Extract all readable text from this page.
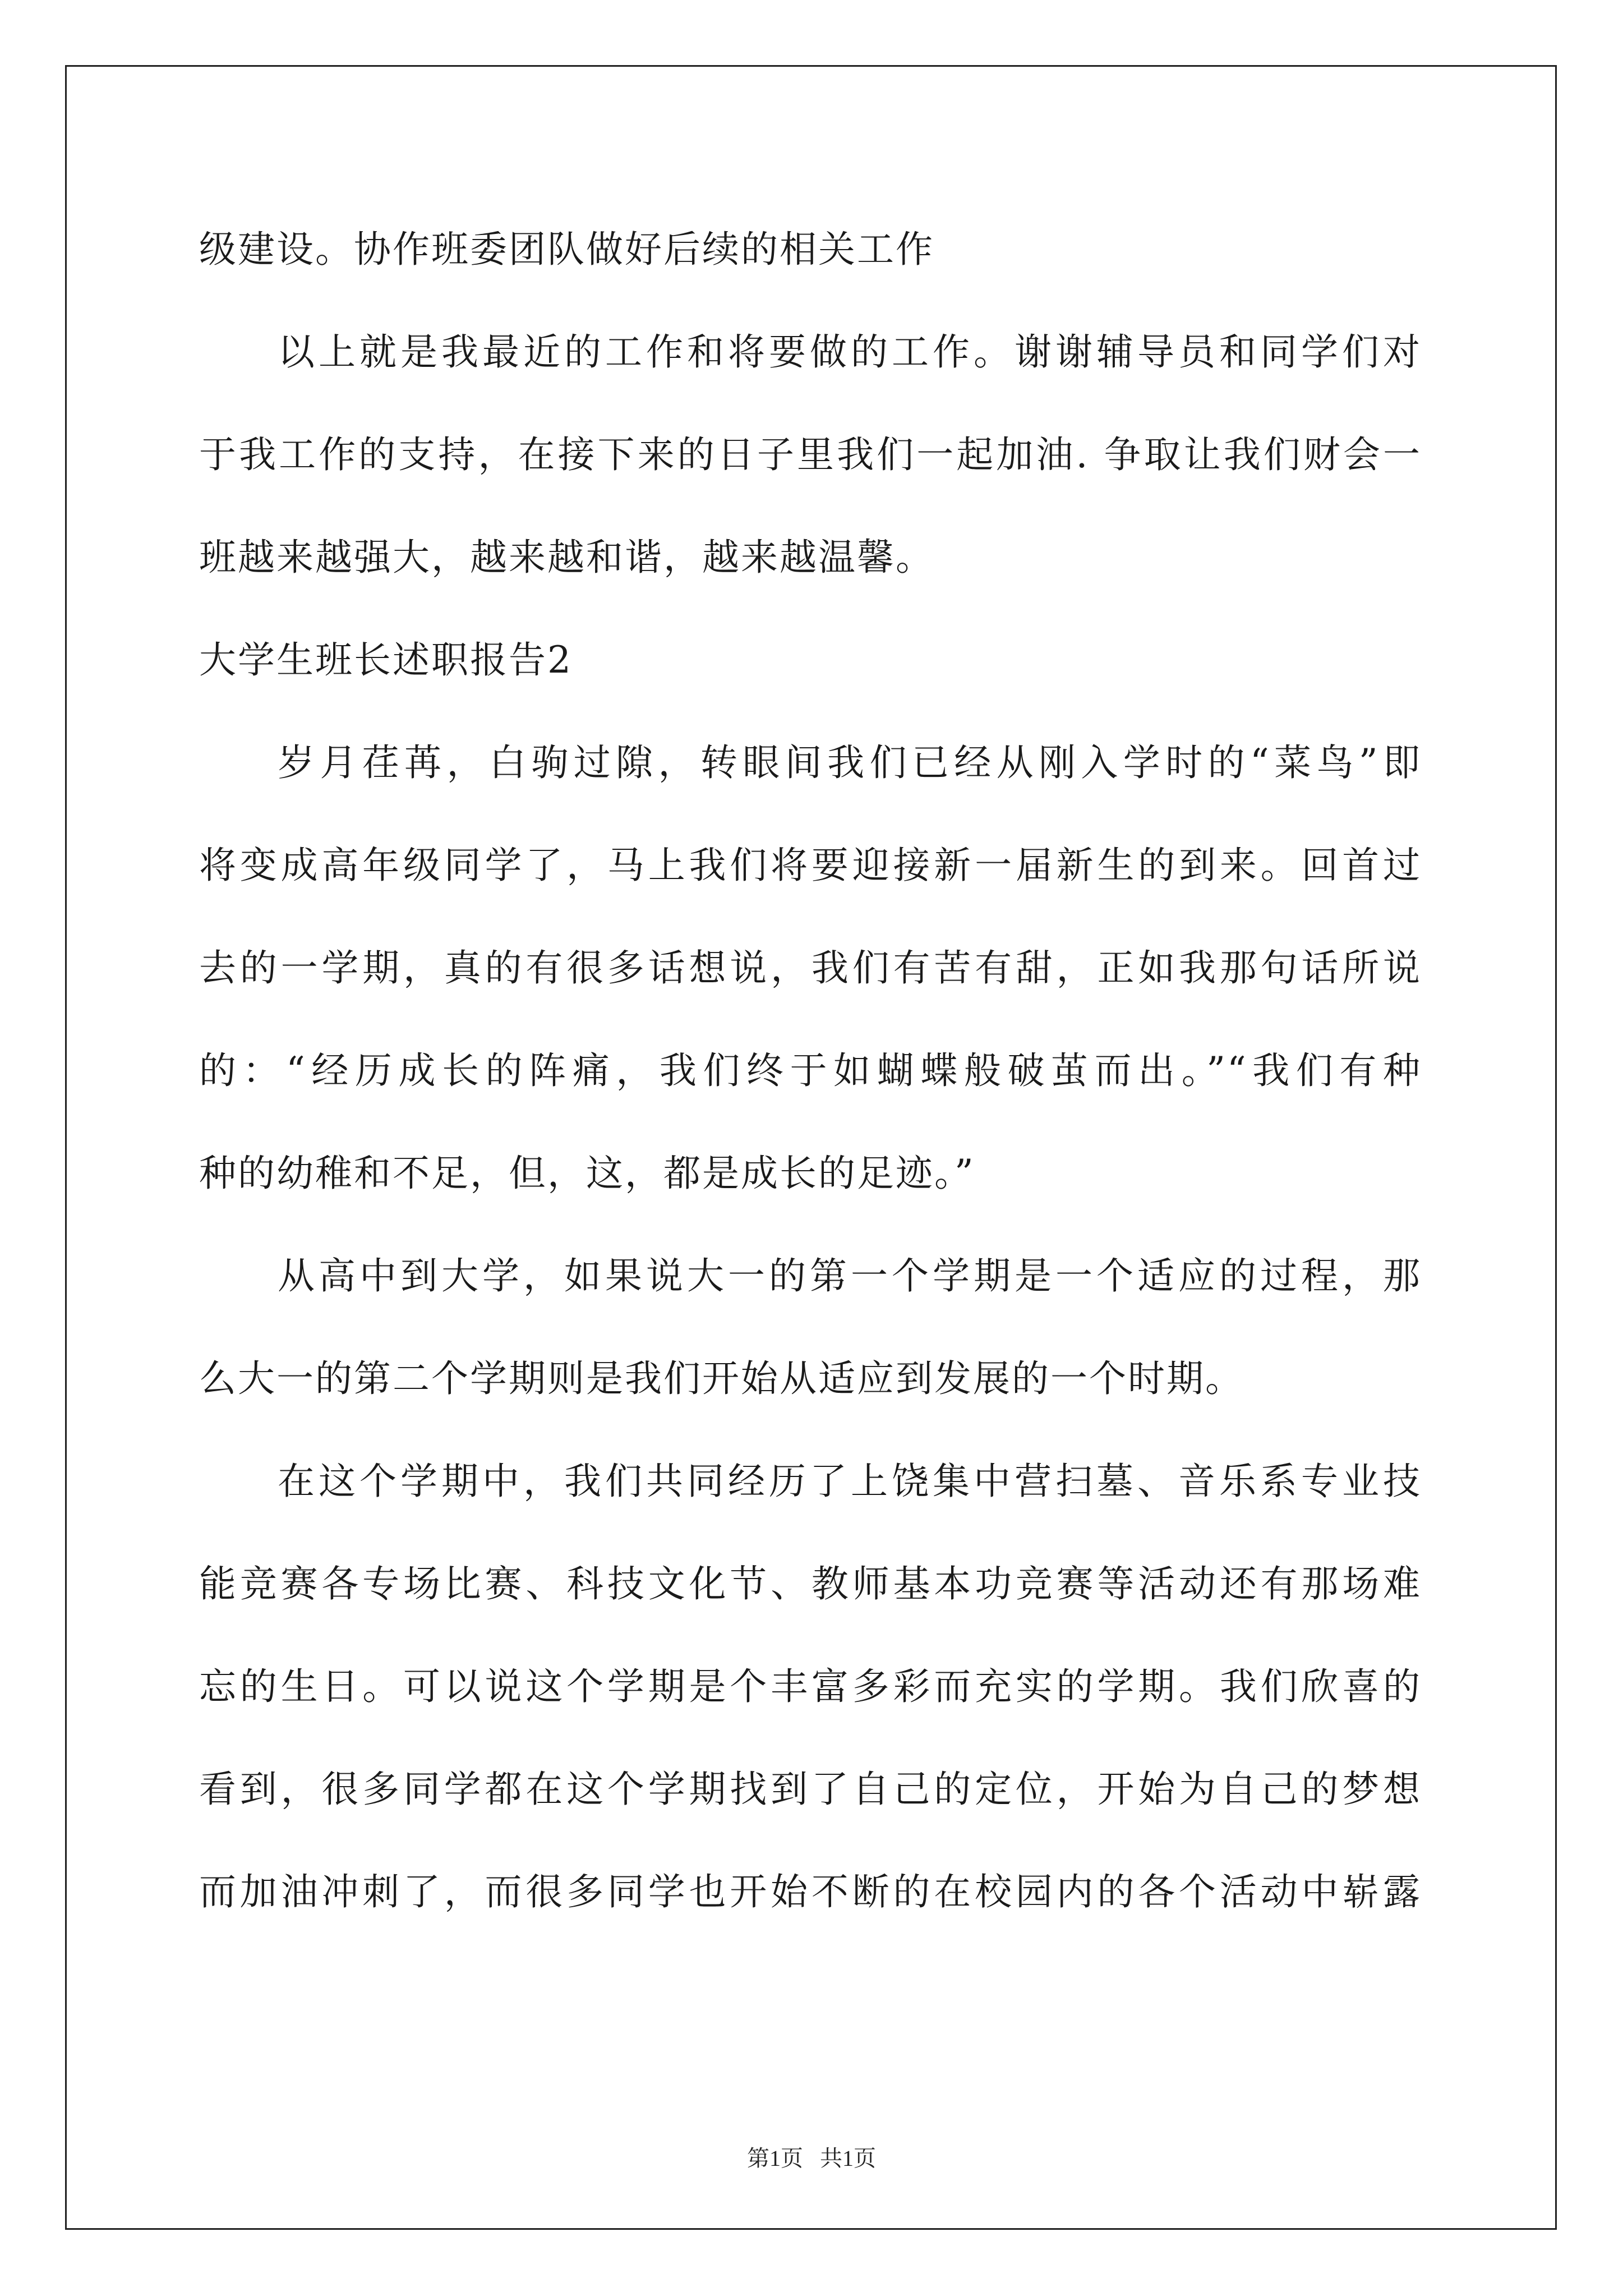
级建设。协作班委团队做好后续的相关工作
以上就是我最近的工作和将要做的工作。谢谢辅导员和同学们对
于我工作的支持，在接下来的日子里我们一起加油. 争取让我们财会一
班越来越强大，越来越和谐，越来越温馨。
大学生班长述职报告2
岁月荏苒，白驹过隙，转眼间我们已经从刚入学时的“菜鸟”即
将变成高年级同学了，马上我们将要迎接新一届新生的到来。回首过
去的一学期，真的有很多话想说，我们有苦有甜，正如我那句话所说
的：“经历成长的阵痛，我们终于如蝴蝶般破茧而出。”“我们有种
种的幼稚和不足，但，这，都是成长的足迹。”
从高中到大学，如果说大一的第一个学期是一个适应的过程，那
么大一的第二个学期则是我们开始从适应到发展的一个时期。
在这个学期中，我们共同经历了上饶集中营扫墓、音乐系专业技
能竞赛各专场比赛、科技文化节、教师基本功竞赛等活动还有那场难
忘的生日。可以说这个学期是个丰富多彩而充实的学期。我们欣喜的
看到，很多同学都在这个学期找到了自己的定位，开始为自己的梦想
而加油冲刺了，而很多同学也开始不断的在校园内的各个活动中崭露
第1页 共1页
